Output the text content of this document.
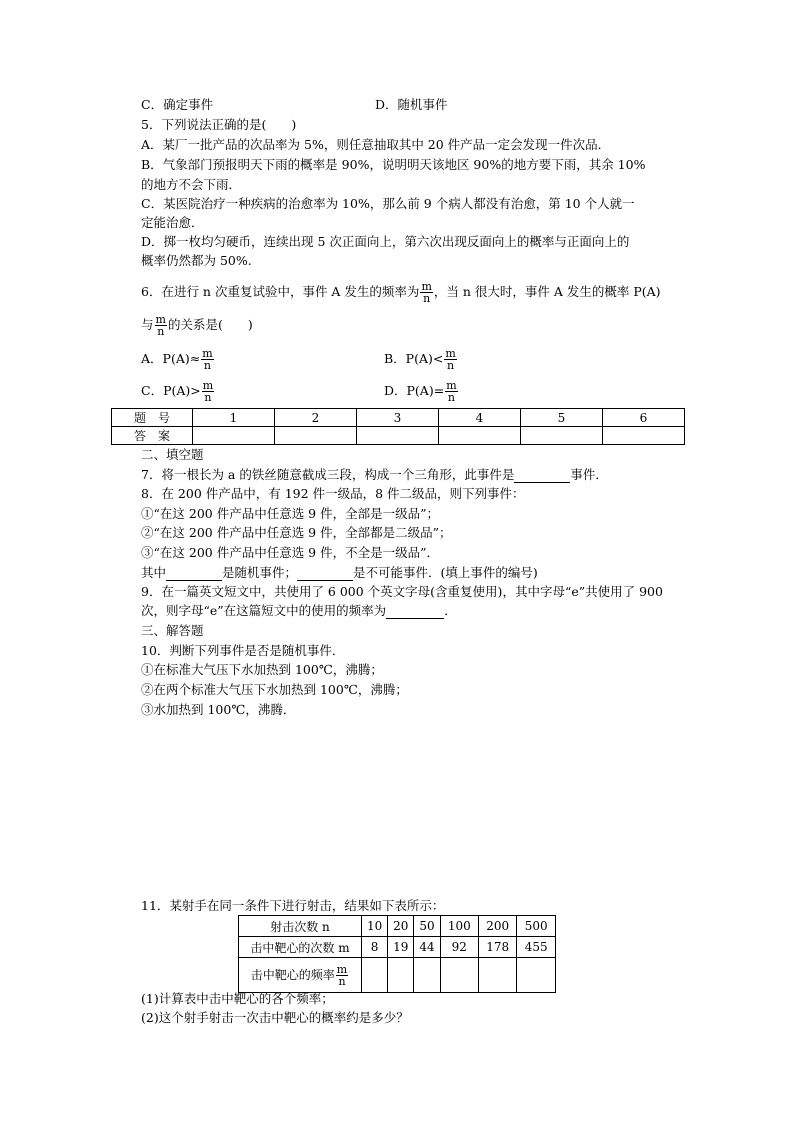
C．确定事件	D．随机事件
5．下列说法正确的是(　　)
A．某厂一批产品的次品率为 5%，则任意抽取其中 20 件产品一定会发现一件次品．
B．气象部门预报明天下雨的概率是 90%，说明明天该地区 90%的地方要下雨，其余 10%
的地方不会下雨．
C．某医院治疗一种疾病的治愈率为 10%，那么前 9 个病人都没有治愈，第 10 个人就一
定能治愈．
D．掷一枚均匀硬币，连续出现 5 次正面向上，第六次出现反面向上的概率与正面向上的
概率仍然都为 50%.
6．在进行 n 次重复试验中，事件 A 发生的频率为 $\frac{m}{n}$ ，当 n 很大时，事件 A 发生的概率 P(A)
与 $\frac{m}{n}$ 的关系是(　　)
A．$P(A)\approx \frac{m}{n}$	B．$P(A)< \frac{m}{n}$
C．$P(A)> \frac{m}{n}$	D．$P(A)= \frac{m}{n}$
题　号	1	2	3	4	5	6
答　案						
二、填空题
7．将一根长为 a 的铁丝随意截成三段，构成一个三角形，此事件是	事件．
8．在 200 件产品中，有 192 件一级品，8 件二级品，则下列事件：
①“在这 200 件产品中任意选 9 件，全部是一级品”；
②“在这 200 件产品中任意选 9 件，全部都是二级品”；
③“在这 200 件产品中任意选 9 件，不全是一级品”．
其中	是随机事件；	是不可能事件．(填上事件的编号)
9．在一篇英文短文中，共使用了 6 000 个英文字母(含重复使用)，其中字母“e”共使用了 900
次，则字母“e”在这篇短文中的使用的频率为	．
三、解答题
10．判断下列事件是否是随机事件．
①在标准大气压下水加热到 100℃，沸腾；
②在两个标准大气压下水加热到 100℃，沸腾；
③水加热到 100℃，沸腾．
11．某射手在同一条件下进行射击，结果如下表所示：
射击次数 n	10	20	50	100	200	500
击中靶心的次数 m	8	19	44	92	178	455
击中靶心的频率 $\frac{m}{n}$

(1)计算表中击中靶心的各个频率；
(2)这个射手射击一次击中靶心的概率约是多少？
